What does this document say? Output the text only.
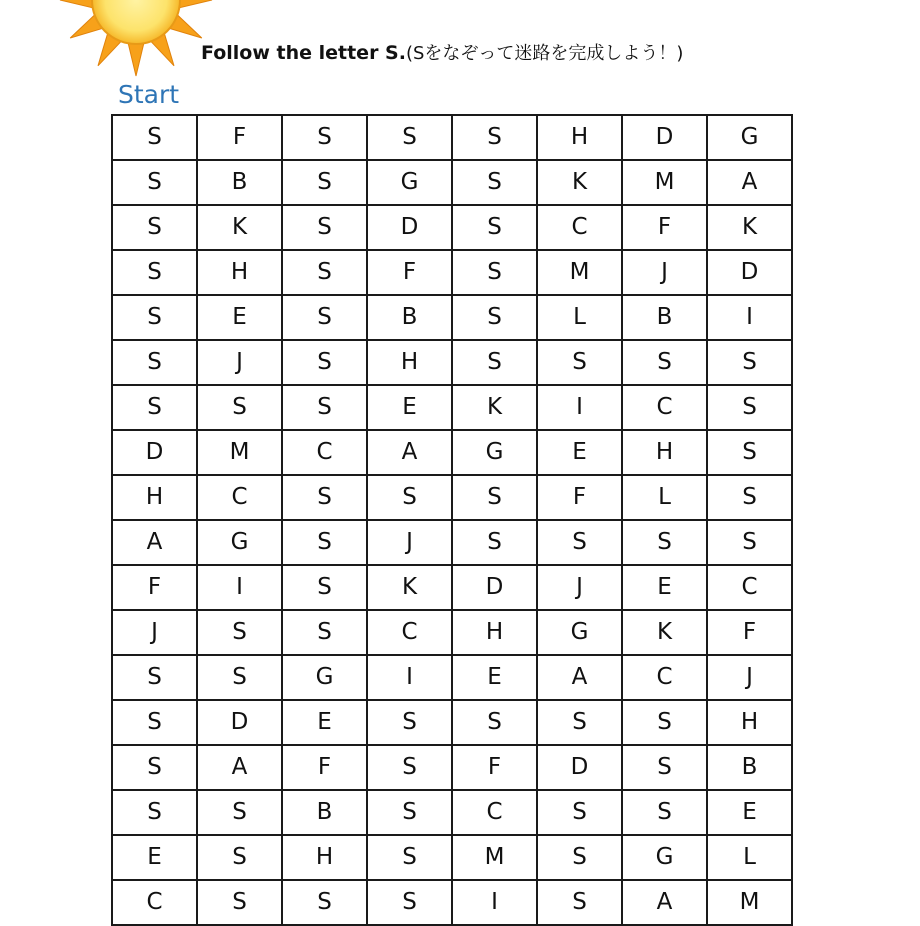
Follow the letter S.(Sをなぞって迷路を完成しよう！)
Start
S	F	S	S	S	H	D	G
S	B	S	G	S	K	M	A
S	K	S	D	S	C	F	K
S	H	S	F	S	M	J	D
S	E	S	B	S	L	B	I
S	J	S	H	S	S	S	S
S	S	S	E	K	I	C	S
D	M	C	A	G	E	H	S
H	C	S	S	S	F	L	S
A	G	S	J	S	S	S	S
F	I	S	K	D	J	E	C
J	S	S	C	H	G	K	F
S	S	G	I	E	A	C	J
S	D	E	S	S	S	S	H
S	A	F	S	F	D	S	B
S	S	B	S	C	S	S	E
E	S	H	S	M	S	G	L
C	S	S	S	I	S	A	M
